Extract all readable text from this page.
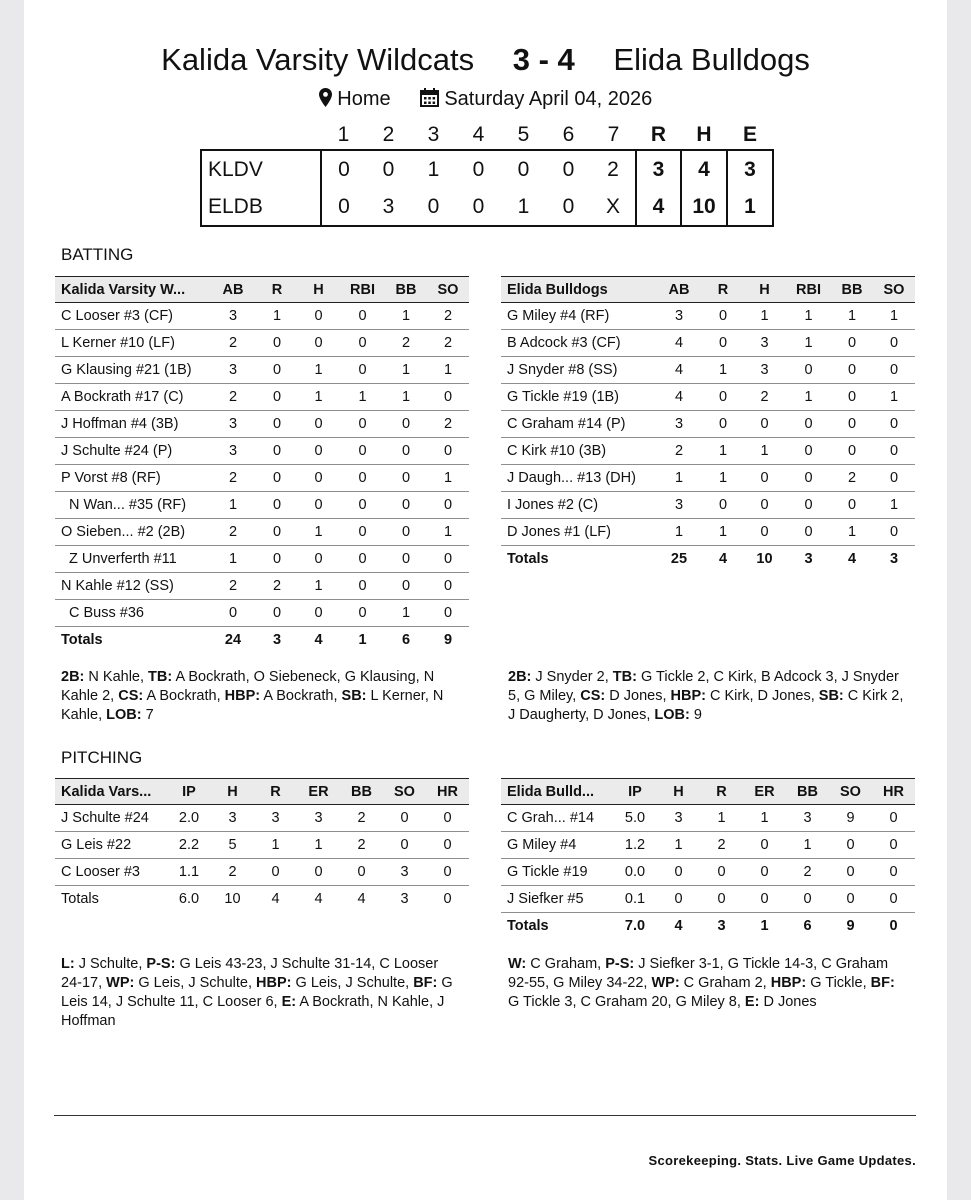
Kalida Varsity Wildcats 3 - 4 Elida Bulldogs
Home	Saturday April 04, 2026
	1	2	3	4	5	6	7	R	H	E
KLDV	0	0	1	0	0	0	2	3	4	3
ELDB	0	3	0	0	1	0	X	4	10	1
BATTING
Kalida Varsity W...	AB	R	H	RBI	BB	SO
C Looser #3 (CF)	3	1	0	0	1	2
L Kerner #10 (LF)	2	0	0	0	2	2
G Klausing #21 (1B)	3	0	1	0	1	1
A Bockrath #17 (C)	2	0	1	1	1	0
J Hoffman #4 (3B)	3	0	0	0	0	2
J Schulte #24 (P)	3	0	0	0	0	0
P Vorst #8 (RF)	2	0	0	0	0	1
N Wan... #35 (RF)	1	0	0	0	0	0
O Sieben... #2 (2B)	2	0	1	0	0	1
Z Unverferth #11	1	0	0	0	0	0
N Kahle #12 (SS)	2	2	1	0	0	0
C Buss #36	0	0	0	0	1	0
Totals	24	3	4	1	6	9
Elida Bulldogs	AB	R	H	RBI	BB	SO
G Miley #4 (RF)	3	0	1	1	1	1
B Adcock #3 (CF)	4	0	3	1	0	0
J Snyder #8 (SS)	4	1	3	0	0	0
G Tickle #19 (1B)	4	0	2	1	0	1
C Graham #14 (P)	3	0	0	0	0	0
C Kirk #10 (3B)	2	1	1	0	0	0
J Daugh... #13 (DH)	1	1	0	0	2	0
I Jones #2 (C)	3	0	0	0	0	1
D Jones #1 (LF)	1	1	0	0	1	0
Totals	25	4	10	3	4	3
2B: N Kahle, TB: A Bockrath, O Siebeneck, G Klausing, N Kahle 2, CS: A Bockrath, HBP: A Bockrath, SB: L Kerner, N Kahle, LOB: 7
2B: J Snyder 2, TB: G Tickle 2, C Kirk, B Adcock 3, J Snyder 5, G Miley, CS: D Jones, HBP: C Kirk, D Jones, SB: C Kirk 2, J Daugherty, D Jones, LOB: 9
PITCHING
Kalida Vars...	IP	H	R	ER	BB	SO	HR
J Schulte #24	2.0	3	3	3	2	0	0
G Leis #22	2.2	5	1	1	2	0	0
C Looser #3	1.1	2	0	0	0	3	0
Totals	6.0	10	4	4	4	3	0
Elida Bulld...	IP	H	R	ER	BB	SO	HR
C Grah... #14	5.0	3	1	1	3	9	0
G Miley #4	1.2	1	2	0	1	0	0
G Tickle #19	0.0	0	0	0	2	0	0
J Siefker #5	0.1	0	0	0	0	0	0
Totals	7.0	4	3	1	6	9	0
L: J Schulte, P-S: G Leis 43-23, J Schulte 31-14, C Looser 24-17, WP: G Leis, J Schulte, HBP: G Leis, J Schulte, BF: G Leis 14, J Schulte 11, C Looser 6, E: A Bockrath, N Kahle, J Hoffman
W: C Graham, P-S: J Siefker 3-1, G Tickle 14-3, C Graham 92-55, G Miley 34-22, WP: C Graham 2, HBP: G Tickle, BF: G Tickle 3, C Graham 20, G Miley 8, E: D Jones
Scorekeeping. Stats. Live Game Updates.
